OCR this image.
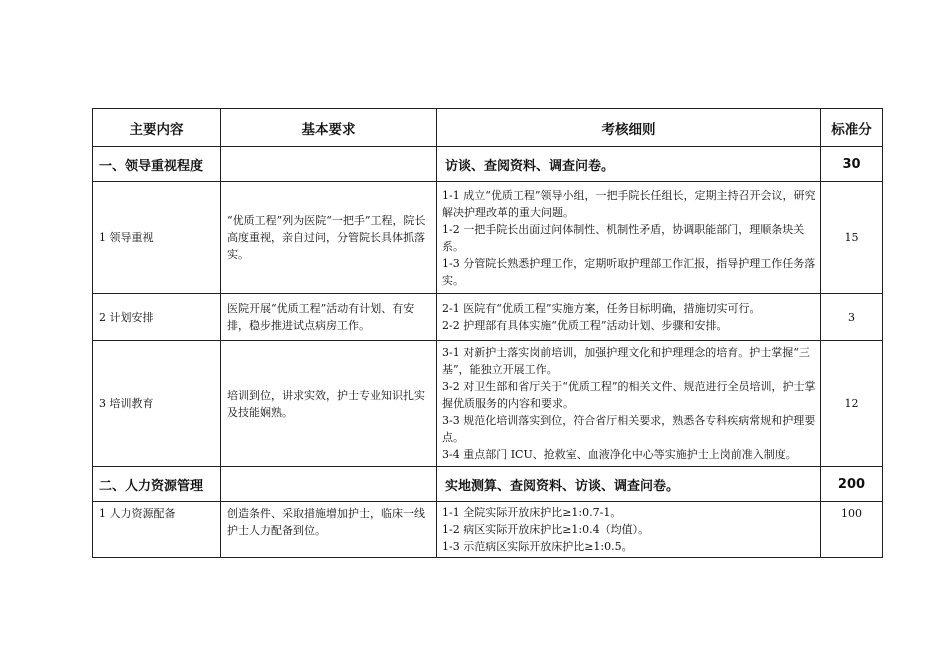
主要内容	基本要求	考核细则	标准分
一、领导重视程度		访谈、查阅资料、调查问卷。	30
1 领导重视	“优质工程”列为医院“一把手”工程，院长高度重视，亲自过问，分管院长具体抓落实。	1-1 成立“优质工程”领导小组，一把手院长任组长，定期主持召开会议，研究解决护理改革的重大问题。
1-2 一把手院长出面过问体制性、机制性矛盾，协调职能部门，理顺条块关系。
1-3 分管院长熟悉护理工作，定期听取护理部工作汇报，指导护理工作任务落实。	15
2 计划安排	医院开展“优质工程”活动有计划、有安排，稳步推进试点病房工作。	2-1 医院有“优质工程”实施方案，任务目标明确，措施切实可行。
2-2 护理部有具体实施“优质工程”活动计划、步骤和安排。	3
3 培训教育	培训到位，讲求实效，护士专业知识扎实及技能娴熟。	3-1 对新护士落实岗前培训，加强护理文化和护理理念的培育。护士掌握“三基”，能独立开展工作。
3-2 对卫生部和省厅关于“优质工程”的相关文件、规范进行全员培训，护士掌握优质服务的内容和要求。
3-3 规范化培训落实到位，符合省厅相关要求，熟悉各专科疾病常规和护理要点。
3-4 重点部门 ICU、抢救室、血液净化中心等实施护士上岗前准入制度。	12
二、人力资源管理		实地测算、查阅资料、访谈、调查问卷。	200
1 人力资源配备	创造条件、采取措施增加护士，临床一线护士人力配备到位。	1-1 全院实际开放床护比≥1:0.7-1。
1-2 病区实际开放床护比≥1:0.4（均值）。
1-3 示范病区实际开放床护比≥1:0.5。	100
